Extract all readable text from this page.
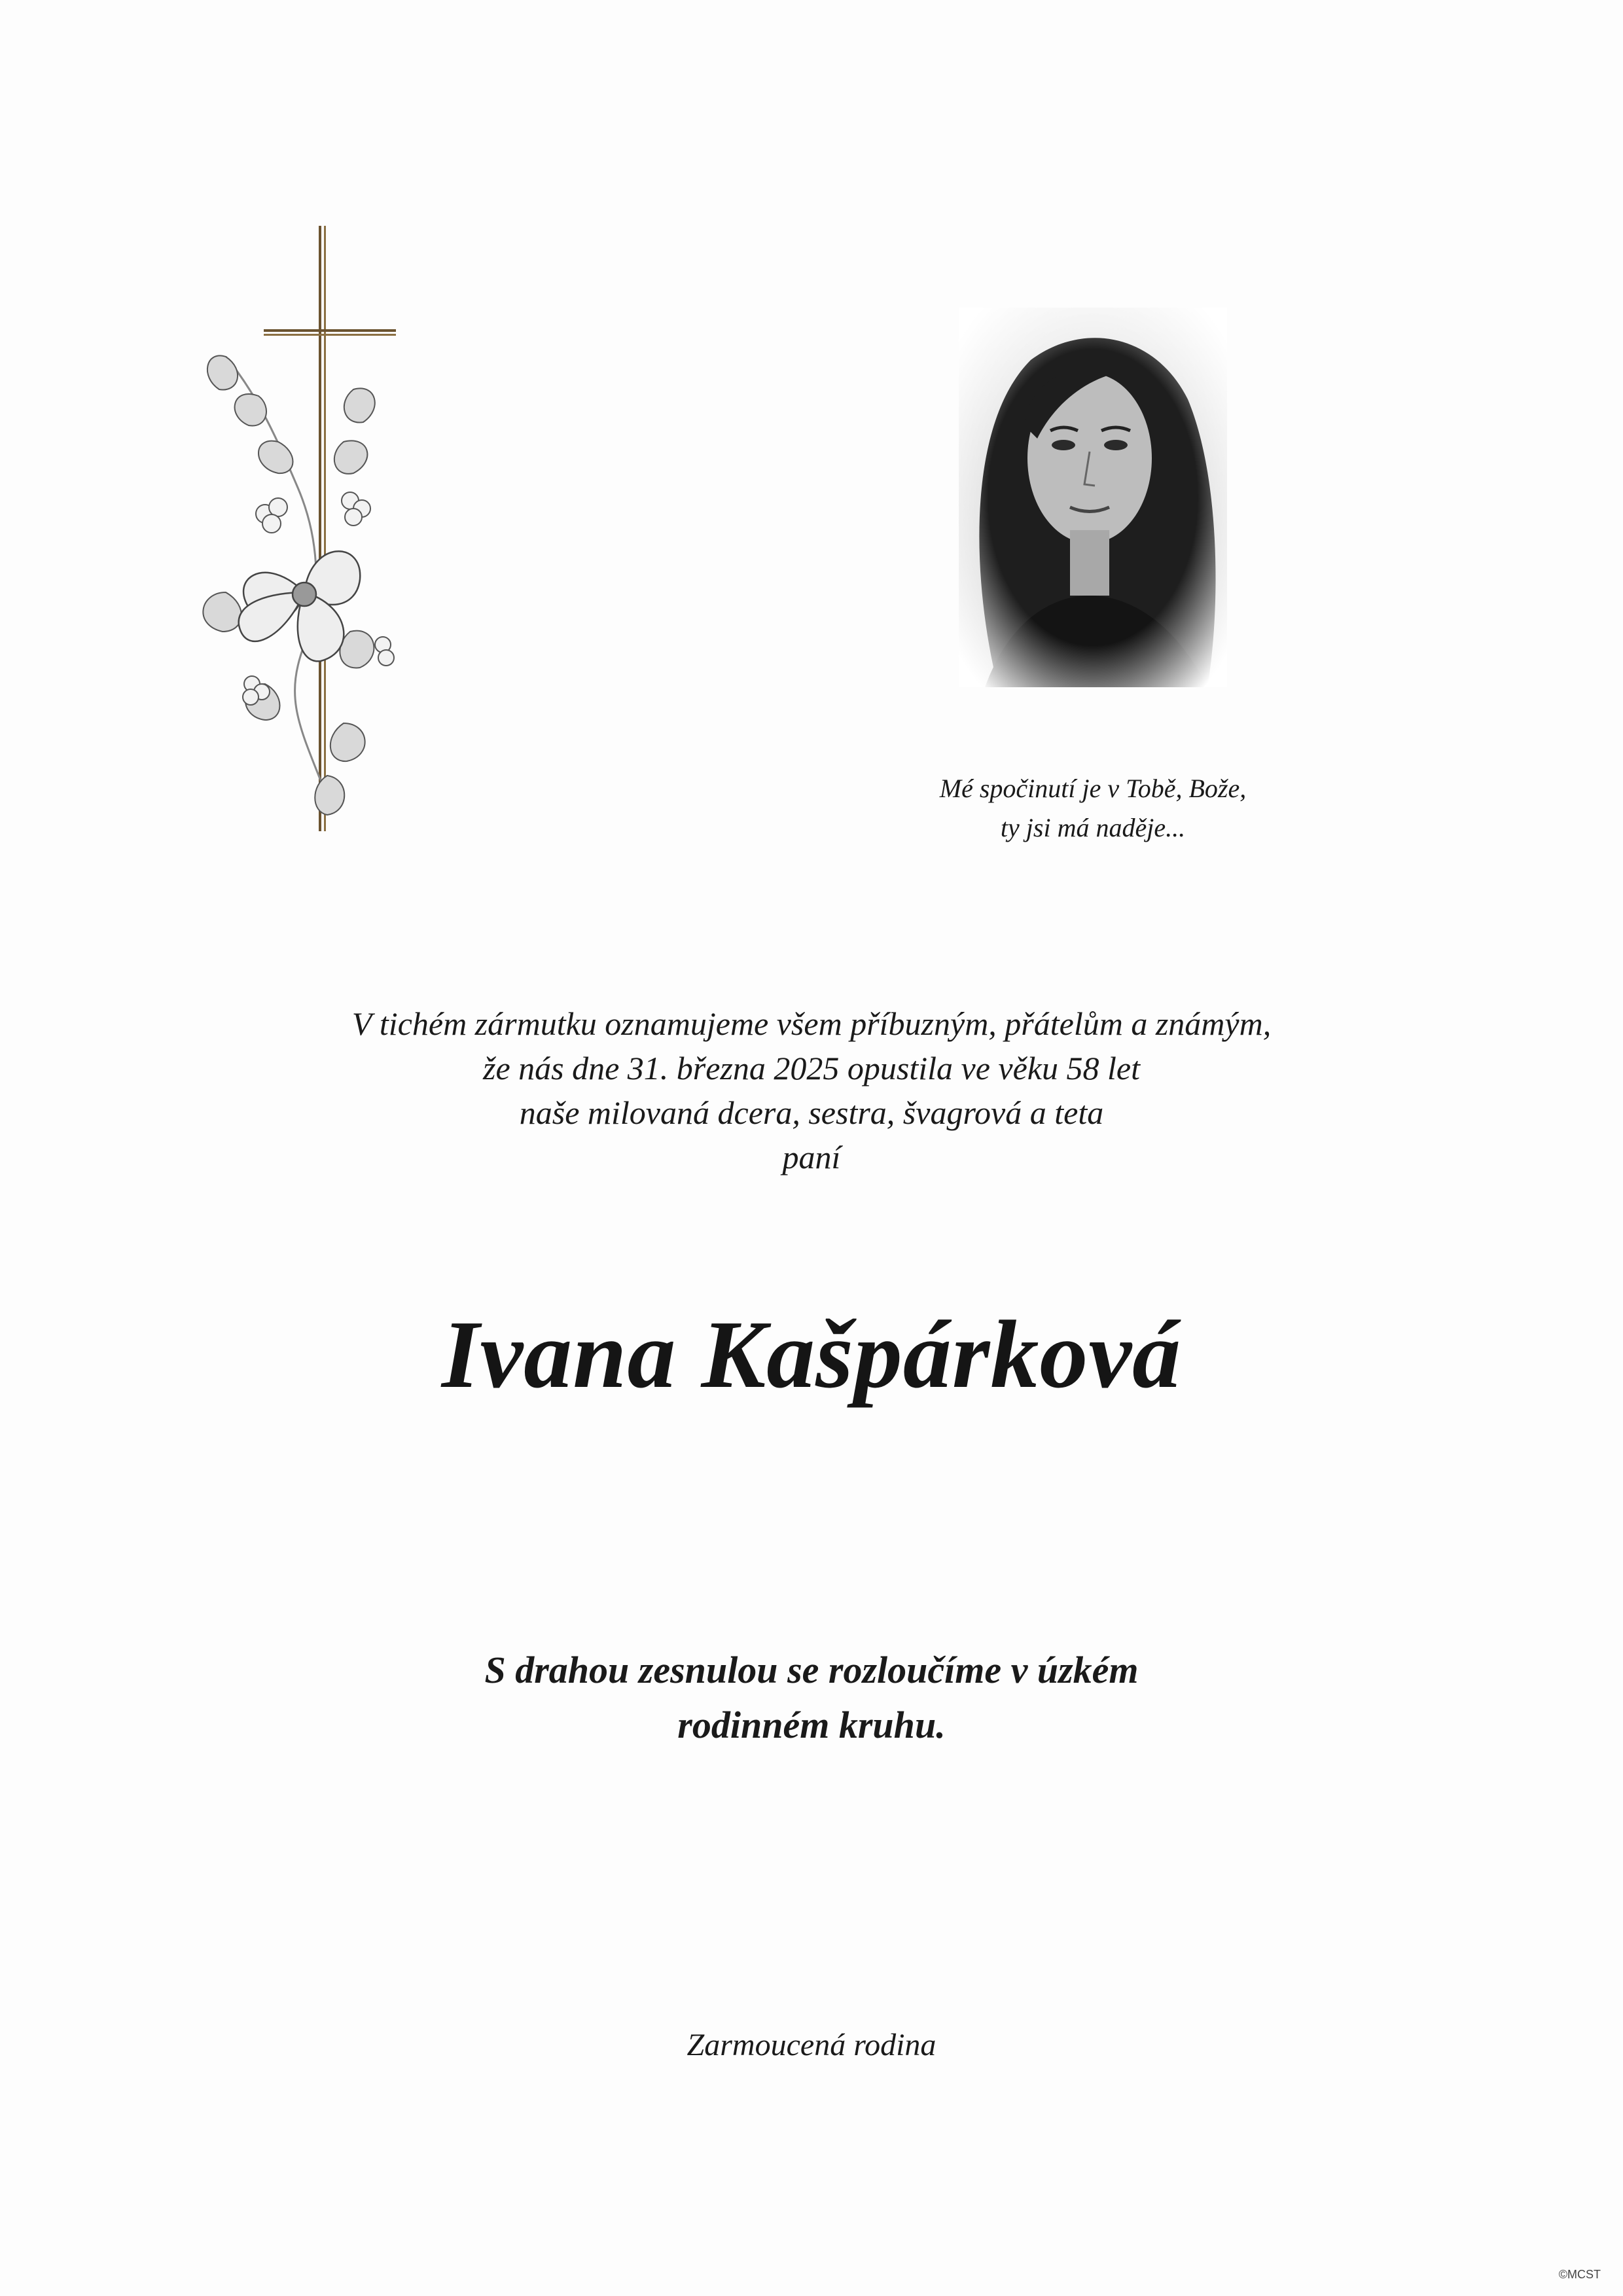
Mé spočinutí je v Tobě, Bože,
ty jsi má naděje...
V tichém zármutku oznamujeme všem příbuzným, přátelům a známým,
že nás dne 31. března 2025 opustila ve věku 58 let
naše milovaná dcera, sestra, švagrová a teta
paní
Ivana Kašpárková
S drahou zesnulou se rozloučíme v úzkém
rodinném kruhu.
Zarmoucená rodina
©MCST
